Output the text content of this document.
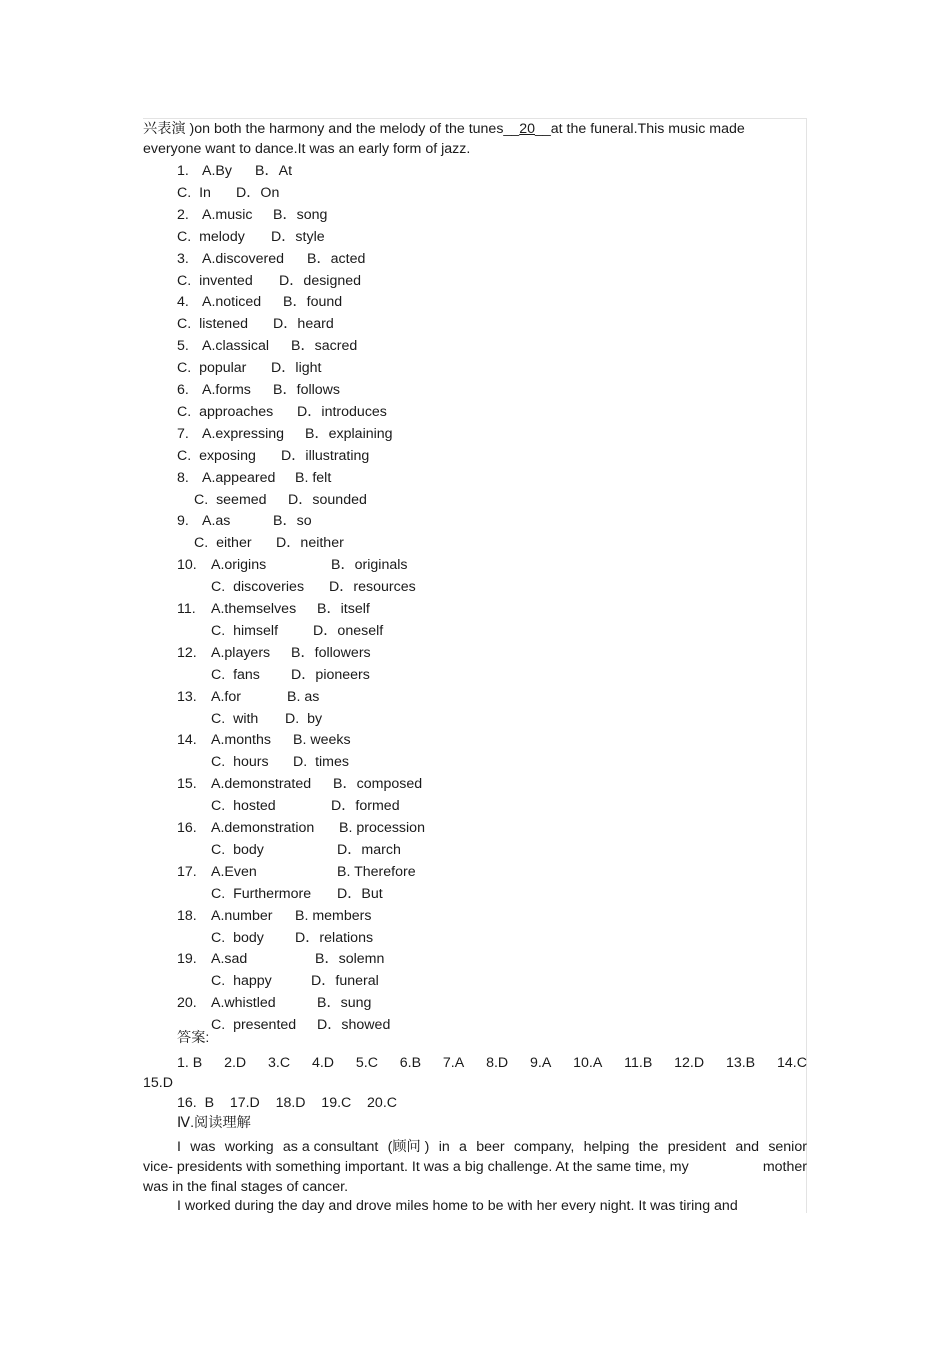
兴表演 )on both the harmony and the melody of the tunes__20__at the funeral.This music made
everyone want to dance.It was an early form of jazz.
1. A.By B．At
C.  In D．On
2. A.music B．song
C.  melody D．style
3. A.discovered B．acted
C.  invented D．designed
4. A.noticed B．found
C.  listened D．heard
5. A.classical B．sacred
C.  popular D．light
6. A.forms B．follows
C.  approaches D．introduces
7. A.expressing B．explaining
C.  exposing D．illustrating
8. A.appeared B. felt
C.  seemed D．sounded
9. A.as	B．so
C.  either D．neither
10. A.origins	B．originals
C.  discoveries D．resources
11. A.themselves B．itself
C.  himself D．oneself
12. A.players B．followers
C.  fans D．pioneers
13. A.for	B. as
C.  with D.  by
14. A.months B. weeks
C.  hours D.  times
15. A.demonstrated B．composed
C.  hosted	D．formed
16. A.demonstration B. procession
C.  body	D．march
17. A.Even	B. Therefore
C.  Furthermore D．But
18. A.number B. members
C.  body D．relations
19. A.sad	B．solemn
C.  happy	D．funeral
20. A.whistled	B．sung
C.  presented D．showed
答案:
1. B 2.D 3.C 4.D 5.C 6.B 7.A 8.D 9.A 10.A 11.B 12.D 13.B 14.C
15.D
16.  B    17.D    18.D    19.C    20.C
Ⅳ.阅读理解
I was working as a consultant (顾问 ) in a beer company, helping the president and senior
vice- presidents with something important. It was a big challenge. At the same time, my	mother
was in the final stages of cancer.
I worked during the day and drove miles home to be with her every night. It was tiring and
